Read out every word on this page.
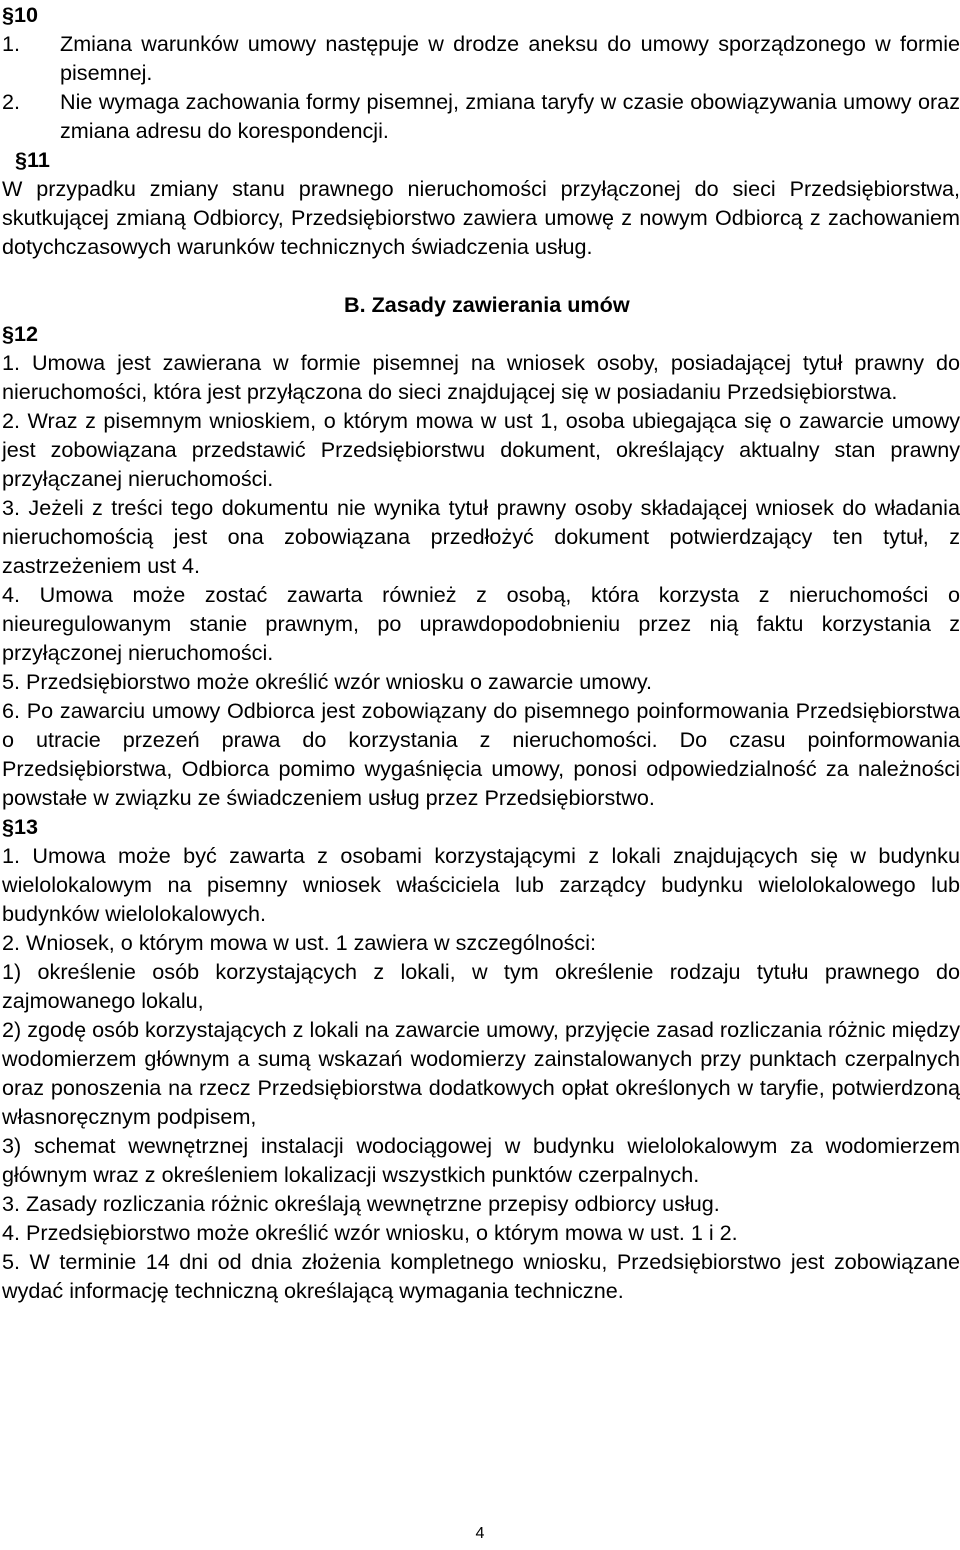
§10

1. Zmiana warunków umowy następuje w drodze aneksu do umowy sporządzonego w formie pisemnej.

2. Nie wymaga zachowania formy pisemnej, zmiana taryfy w czasie obowiązywania umowy oraz zmiana adresu do korespondencji.

§11

W przypadku zmiany stanu prawnego nieruchomości przyłączonej do sieci Przedsiębiorstwa, skutkującej zmianą Odbiorcy, Przedsiębiorstwo zawiera umowę z nowym Odbiorcą z zachowaniem dotychczasowych warunków technicznych świadczenia usług.

B. Zasady zawierania umów
§12

1. Umowa jest zawierana w formie pisemnej na wniosek osoby, posiadającej tytuł prawny do nieruchomości, która jest przyłączona do sieci znajdującej się w posiadaniu Przedsiębiorstwa.

2. Wraz z pisemnym wnioskiem, o którym mowa w ust 1, osoba ubiegająca się o zawarcie umowy jest zobowiązana przedstawić Przedsiębiorstwu dokument, określający aktualny stan prawny przyłączanej nieruchomości.

3. Jeżeli z treści tego dokumentu nie wynika tytuł prawny osoby składającej wniosek do władania nieruchomością jest ona zobowiązana przedłożyć dokument potwierdzający ten tytuł, z zastrzeżeniem ust 4.

4. Umowa może zostać zawarta również z osobą, która korzysta z nieruchomości o nieuregulowanym stanie prawnym, po uprawdopodobnieniu przez nią faktu korzystania z przyłączonej nieruchomości.

5. Przedsiębiorstwo może określić wzór wniosku o zawarcie umowy.

6. Po zawarciu umowy Odbiorca jest zobowiązany do pisemnego poinformowania Przedsiębiorstwa o utracie przezeń prawa do korzystania z nieruchomości. Do czasu poinformowania Przedsiębiorstwa, Odbiorca pomimo wygaśnięcia umowy, ponosi odpowiedzialność za należności powstałe w związku ze świadczeniem usług przez Przedsiębiorstwo.

§13

1. Umowa może być zawarta z osobami korzystającymi z lokali znajdujących się w budynku wielolokalowym na pisemny wniosek właściciela lub zarządcy budynku wielolokalowego lub budynków wielolokalowych.

2. Wniosek, o którym mowa w ust. 1 zawiera w szczególności:

1) określenie osób korzystających z lokali, w tym określenie rodzaju tytułu prawnego do zajmowanego lokalu,

2) zgodę osób korzystających z lokali na zawarcie umowy, przyjęcie zasad rozliczania różnic między wodomierzem głównym a sumą wskazań wodomierzy zainstalowanych przy punktach czerpalnych oraz ponoszenia na rzecz Przedsiębiorstwa dodatkowych opłat określonych w taryfie, potwierdzoną własnoręcznym podpisem,

3) schemat wewnętrznej instalacji wodociągowej w budynku wielolokalowym za wodomierzem głównym wraz z określeniem lokalizacji wszystkich punktów czerpalnych.

3. Zasady rozliczania różnic określają wewnętrzne przepisy odbiorcy usług.

4. Przedsiębiorstwo może określić wzór wniosku, o którym mowa w ust. 1 i 2.

5. W terminie 14 dni od dnia złożenia kompletnego wniosku, Przedsiębiorstwo jest zobowiązane wydać informację techniczną określającą wymagania techniczne.

4
